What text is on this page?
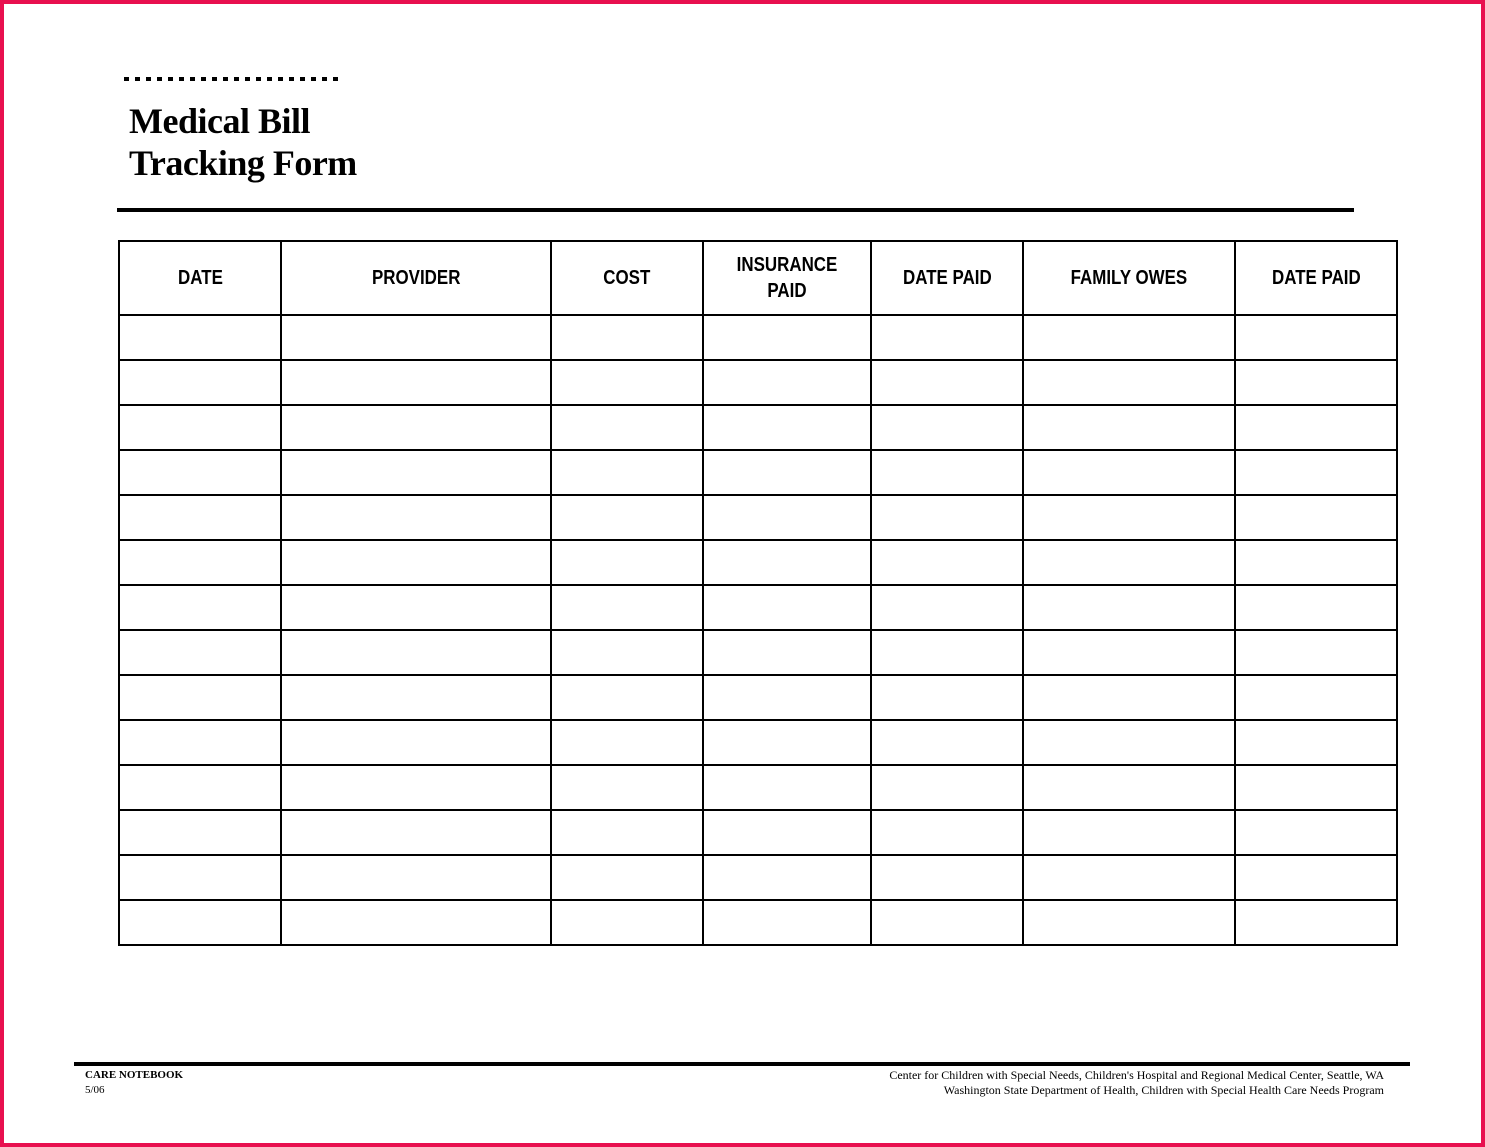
Medical Bill
Tracking Form
DATE	PROVIDER	COST	INSURANCE PAID	DATE PAID	FAMILY OWES	DATE PAID

CARE NOTEBOOK
5/06
Center for Children with Special Needs, Children's Hospital and Regional Medical Center, Seattle, WA
Washington State Department of Health, Children with Special Health Care Needs Program
